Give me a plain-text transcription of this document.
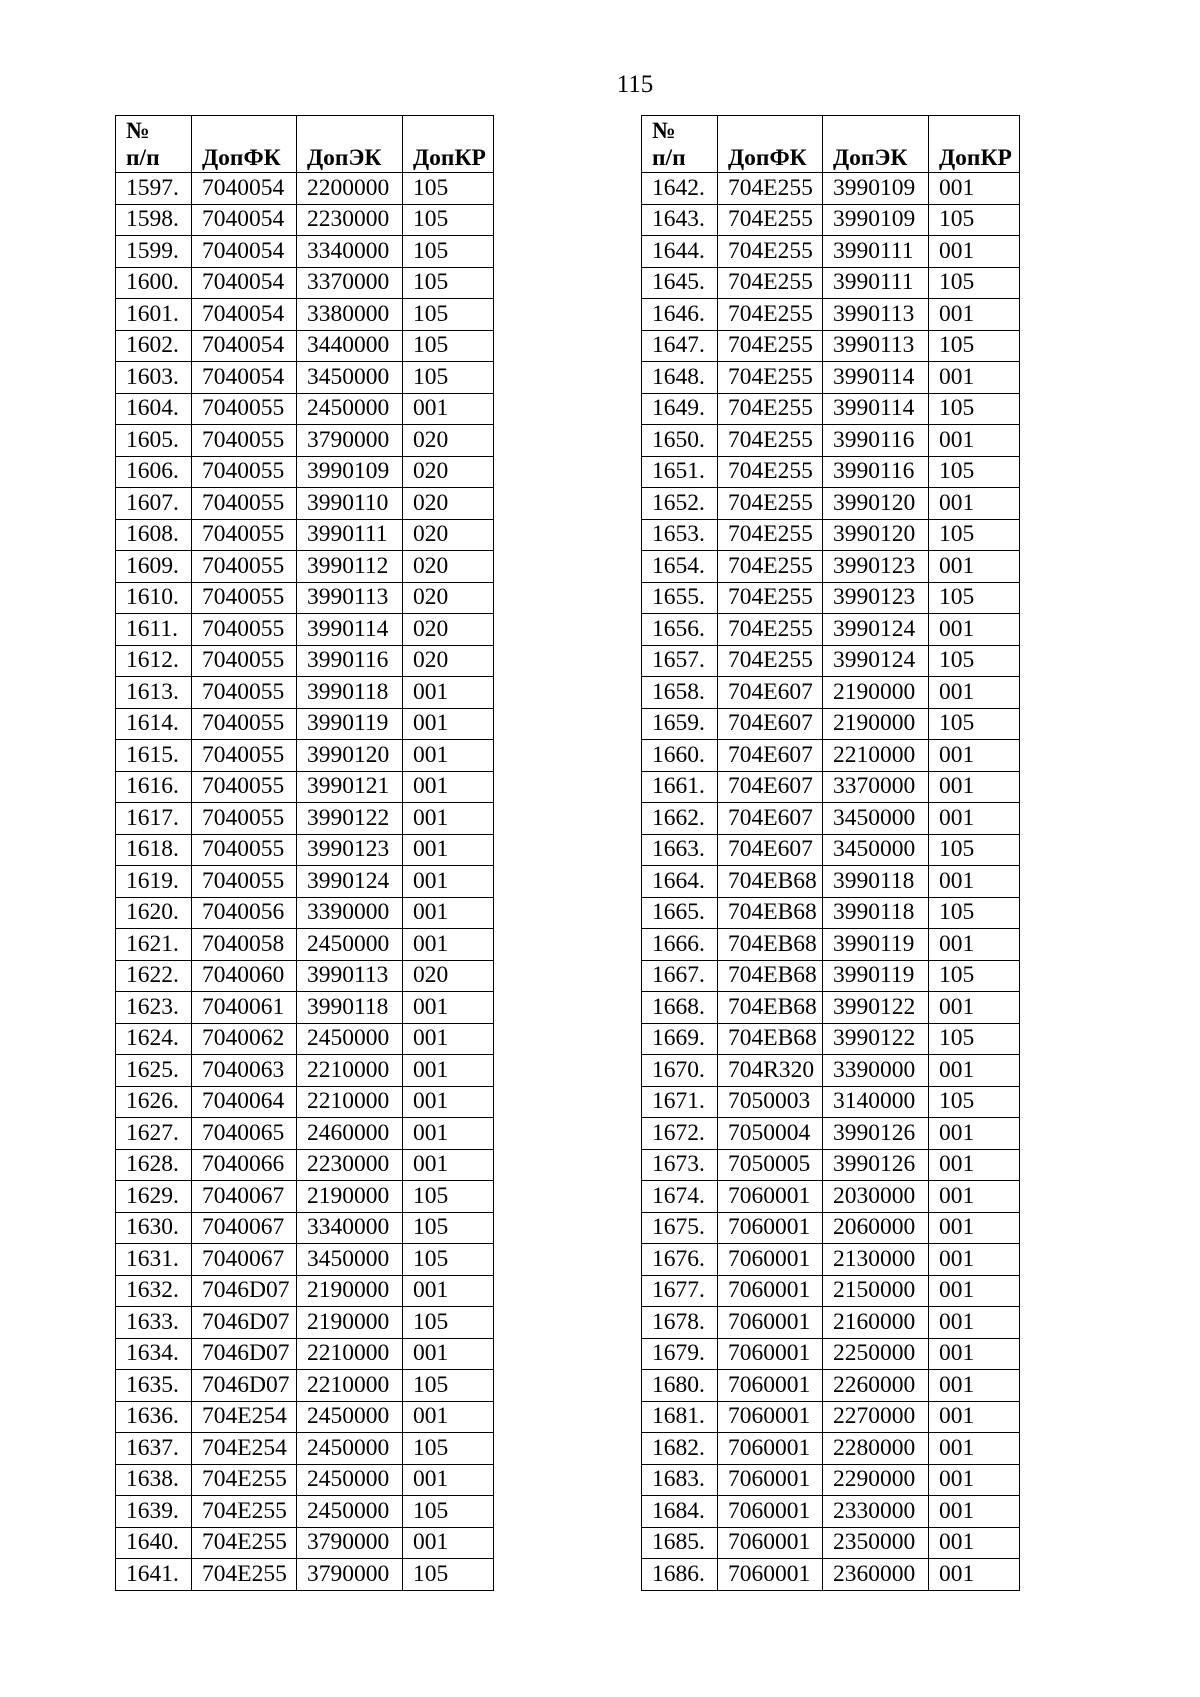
115
№
п/п	ДопФК	ДопЭК	ДопКР
1597.	7040054	2200000	105
1598.	7040054	2230000	105
1599.	7040054	3340000	105
1600.	7040054	3370000	105
1601.	7040054	3380000	105
1602.	7040054	3440000	105
1603.	7040054	3450000	105
1604.	7040055	2450000	001
1605.	7040055	3790000	020
1606.	7040055	3990109	020
1607.	7040055	3990110	020
1608.	7040055	3990111	020
1609.	7040055	3990112	020
1610.	7040055	3990113	020
1611.	7040055	3990114	020
1612.	7040055	3990116	020
1613.	7040055	3990118	001
1614.	7040055	3990119	001
1615.	7040055	3990120	001
1616.	7040055	3990121	001
1617.	7040055	3990122	001
1618.	7040055	3990123	001
1619.	7040055	3990124	001
1620.	7040056	3390000	001
1621.	7040058	2450000	001
1622.	7040060	3990113	020
1623.	7040061	3990118	001
1624.	7040062	2450000	001
1625.	7040063	2210000	001
1626.	7040064	2210000	001
1627.	7040065	2460000	001
1628.	7040066	2230000	001
1629.	7040067	2190000	105
1630.	7040067	3340000	105
1631.	7040067	3450000	105
1632.	7046D07	2190000	001
1633.	7046D07	2190000	105
1634.	7046D07	2210000	001
1635.	7046D07	2210000	105
1636.	704E254	2450000	001
1637.	704E254	2450000	105
1638.	704E255	2450000	001
1639.	704E255	2450000	105
1640.	704E255	3790000	001
1641.	704E255	3790000	105
№
п/п	ДопФК	ДопЭК	ДопКР
1642.	704E255	3990109	001
1643.	704E255	3990109	105
1644.	704E255	3990111	001
1645.	704E255	3990111	105
1646.	704E255	3990113	001
1647.	704E255	3990113	105
1648.	704E255	3990114	001
1649.	704E255	3990114	105
1650.	704E255	3990116	001
1651.	704E255	3990116	105
1652.	704E255	3990120	001
1653.	704E255	3990120	105
1654.	704E255	3990123	001
1655.	704E255	3990123	105
1656.	704E255	3990124	001
1657.	704E255	3990124	105
1658.	704E607	2190000	001
1659.	704E607	2190000	105
1660.	704E607	2210000	001
1661.	704E607	3370000	001
1662.	704E607	3450000	001
1663.	704E607	3450000	105
1664.	704EB68	3990118	001
1665.	704EB68	3990118	105
1666.	704EB68	3990119	001
1667.	704EB68	3990119	105
1668.	704EB68	3990122	001
1669.	704EB68	3990122	105
1670.	704R320	3390000	001
1671.	7050003	3140000	105
1672.	7050004	3990126	001
1673.	7050005	3990126	001
1674.	7060001	2030000	001
1675.	7060001	2060000	001
1676.	7060001	2130000	001
1677.	7060001	2150000	001
1678.	7060001	2160000	001
1679.	7060001	2250000	001
1680.	7060001	2260000	001
1681.	7060001	2270000	001
1682.	7060001	2280000	001
1683.	7060001	2290000	001
1684.	7060001	2330000	001
1685.	7060001	2350000	001
1686.	7060001	2360000	001
